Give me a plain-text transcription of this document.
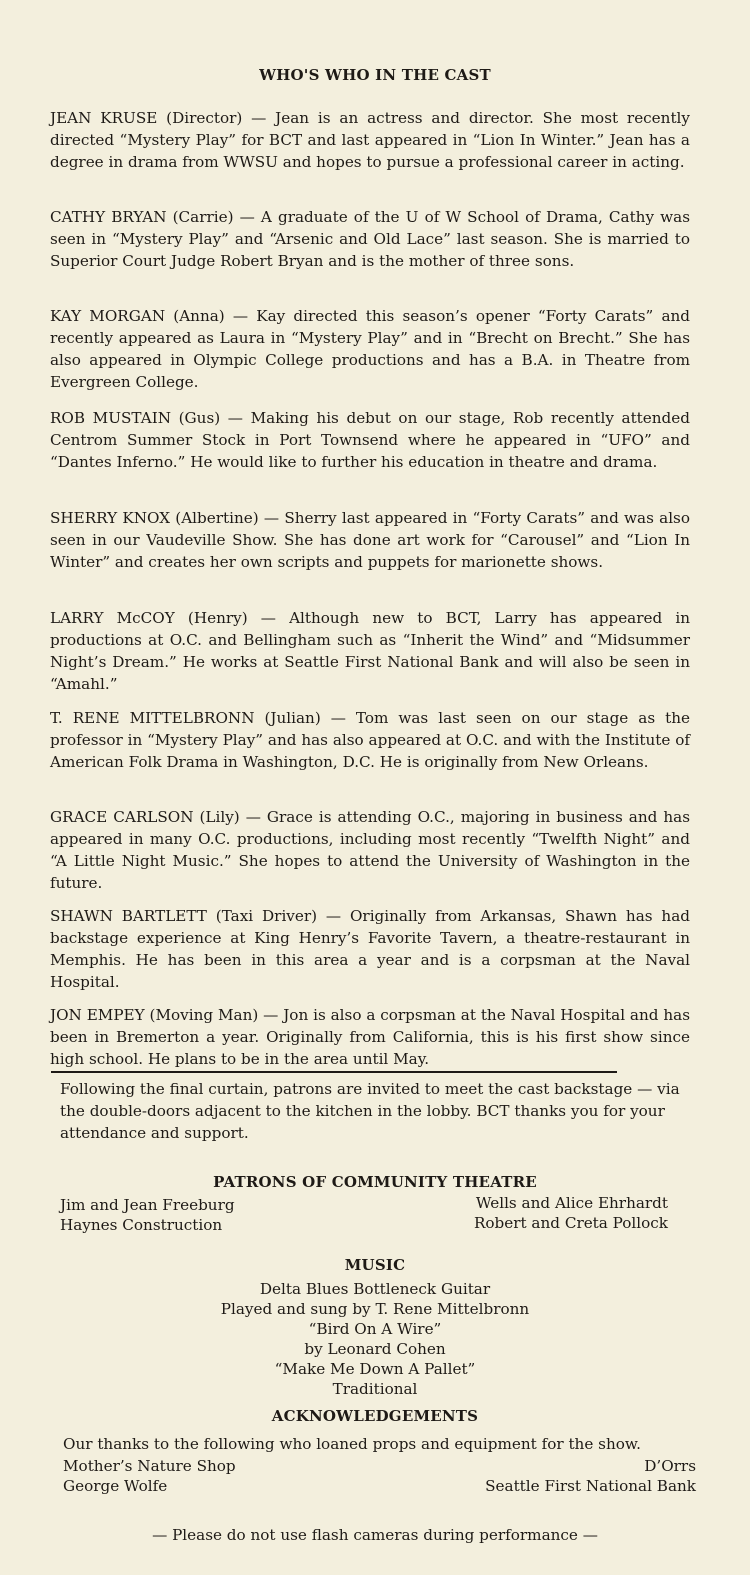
WHO'S WHO IN THE CAST

JEAN KRUSE (Director) — Jean is an actress and director. She most recently directed “Mystery Play” for BCT and last appeared in “Lion In Winter.” Jean has a degree in drama from WWSU and hopes to pursue a professional career in acting.

CATHY BRYAN (Carrie) — A graduate of the U of W School of Drama, Cathy was seen in “Mystery Play” and “Arsenic and Old Lace” last season. She is married to Superior Court Judge Robert Bryan and is the mother of three sons.

KAY MORGAN (Anna) — Kay directed this season’s opener “Forty Carats” and recently appeared as Laura in “Mystery Play” and in “Brecht on Brecht.” She has also appeared in Olympic College productions and has a B.A. in Theatre from Evergreen College.

ROB MUSTAIN (Gus) — Making his debut on our stage, Rob recently attended Centrom Summer Stock in Port Townsend where he appeared in “UFO” and “Dantes Inferno.” He would like to further his education in theatre and drama.

SHERRY KNOX (Albertine) — Sherry last appeared in “Forty Carats” and was also seen in our Vaudeville Show. She has done art work for “Carousel” and “Lion In Winter” and creates her own scripts and puppets for marionette shows.

LARRY McCOY (Henry) — Although new to BCT, Larry has appeared in productions at O.C. and Bellingham such as “Inherit the Wind” and “Midsummer Night’s Dream.” He works at Seattle First National Bank and will also be seen in “Amahl.”

T. RENE MITTELBRONN (Julian) — Tom was last seen on our stage as the professor in “Mystery Play” and has also appeared at O.C. and with the Institute of American Folk Drama in Washington, D.C. He is originally from New Orleans.

GRACE CARLSON (Lily) — Grace is attending O.C., majoring in business and has appeared in many O.C. productions, including most recently “Twelfth Night” and “A Little Night Music.” She hopes to attend the University of Washington in the future.

SHAWN BARTLETT (Taxi Driver) — Originally from Arkansas, Shawn has had backstage experience at King Henry’s Favorite Tavern, a theatre-restaurant in Memphis. He has been in this area a year and is a corpsman at the Naval Hospital.

JON EMPEY (Moving Man) — Jon is also a corpsman at the Naval Hospital and has been in Bremerton a year. Originally from California, this is his first show since high school. He plans to be in the area until May.

Following the final curtain, patrons are invited to meet the cast backstage — via the double-doors adjacent to the kitchen in the lobby. BCT thanks you for your attendance and support.

PATRONS OF COMMUNITY THEATRE
Jim and Jean Freeburg
Haynes Construction
Wells and Alice Ehrhardt
Robert and Creta Pollock
MUSIC
Delta Blues Bottleneck Guitar
Played and sung by T. Rene Mittelbronn
“Bird On A Wire”
by Leonard Cohen
“Make Me Down A Pallet”
Traditional
ACKNOWLEDGEMENTS
Our thanks to the following who loaned props and equipment for the show.
Mother’s Nature Shop
George Wolfe
D’Orrs
Seattle First National Bank
— Please do not use flash cameras during performance —
